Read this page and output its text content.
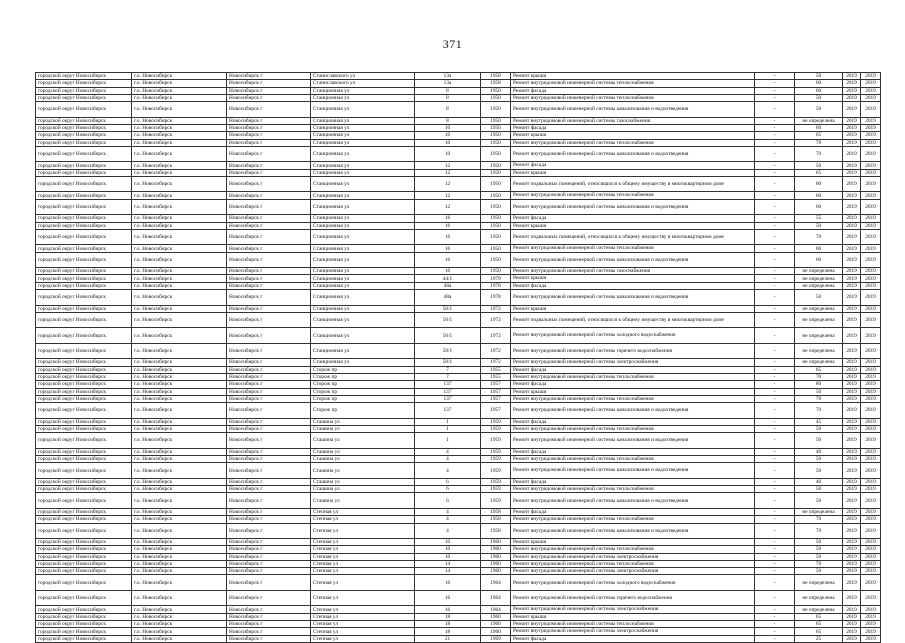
371
городской округ Новосибирск	г.о. Новосибирск	Новосибирск г	Станиславского ул	13а	1958	Ремонт крыши	-	50	2019	2019
городской округ Новосибирск	г.о. Новосибирск	Новосибирск г	Станиславского ул	13а	1958	Ремонт внутридомовой инженерной системы теплоснабжения	-	60	2019	2019
городской округ Новосибирск	г.о. Новосибирск	Новосибирск г	Станционная ул	8	1950	Ремонт фасада	-	60	2019	2019
городской округ Новосибирск	г.о. Новосибирск	Новосибирск г	Станционная ул	8	1950	Ремонт внутридомовой инженерной системы теплоснабжения	-	50	2019	2019
городской округ Новосибирск	г.о. Новосибирск	Новосибирск г	Станционная ул	8	1950	Ремонт внутридомовой инженерной системы канализования и водоотведения	-	50	2019	2019
городской округ Новосибирск	г.о. Новосибирск	Новосибирск г	Станционная ул	8	1950	Ремонт внутридомовой инженерной системы газоснабжения	-	не определена	2019	2019
городской округ Новосибирск	г.о. Новосибирск	Новосибирск г	Станционная ул	10	1950	Ремонт фасада	-	60	2019	2019
городской округ Новосибирск	г.о. Новосибирск	Новосибирск г	Станционная ул	10	1950	Ремонт крыши	-	65	2019	2019
городской округ Новосибирск	г.о. Новосибирск	Новосибирск г	Станционная ул	10	1950	Ремонт внутридомовой инженерной системы теплоснабжения	-	70	2019	2019
городской округ Новосибирск	г.о. Новосибирск	Новосибирск г	Станционная ул	10	1950	Ремонт внутридомовой инженерной системы канализования и водоотведения	-	70	2019	2019
городской округ Новосибирск	г.о. Новосибирск	Новосибирск г	Станционная ул	12	1950	Ремонт фасада	-	50	2019	2019
городской округ Новосибирск	г.о. Новосибирск	Новосибирск г	Станционная ул	12	1950	Ремонт крыши	-	65	2019	2019
городской округ Новосибирск	г.о. Новосибирск	Новосибирск г	Станционная ул	12	1950	Ремонт подвальных помещений, относящихся к общему имуществу в многоквартирном доме	-	60	2019	2019
городской округ Новосибирск	г.о. Новосибирск	Новосибирск г	Станционная ул	12	1950	Ремонт внутридомовой инженерной системы теплоснабжения	-	60	2019	2019
городской округ Новосибирск	г.о. Новосибирск	Новосибирск г	Станционная ул	12	1950	Ремонт внутридомовой инженерной системы канализования и водоотведения	-	60	2019	2019
городской округ Новосибирск	г.о. Новосибирск	Новосибирск г	Станционная ул	16	1950	Ремонт фасада	-	55	2019	2019
городской округ Новосибирск	г.о. Новосибирск	Новосибирск г	Станционная ул	16	1950	Ремонт крыши	-	50	2019	2019
городской округ Новосибирск	г.о. Новосибирск	Новосибирск г	Станционная ул	16	1950	Ремонт подвальных помещений, относящихся к общему имуществу в многоквартирном доме	-	70	2019	2019
городской округ Новосибирск	г.о. Новосибирск	Новосибирск г	Станционная ул	16	1950	Ремонт внутридомовой инженерной системы теплоснабжения	-	60	2019	2019
городской округ Новосибирск	г.о. Новосибирск	Новосибирск г	Станционная ул	16	1950	Ремонт внутридомовой инженерной системы канализования и водоотведения	-	60	2019	2019
городской округ Новосибирск	г.о. Новосибирск	Новосибирск г	Станционная ул	16	1950	Ремонт внутридомовой инженерной системы газоснабжения	-	не определена	2019	2019
городской округ Новосибирск	г.о. Новосибирск	Новосибирск г	Станционная ул	44/1	1979	Ремонт крыши	-	не определена	2019	2019
городской округ Новосибирск	г.о. Новосибирск	Новосибирск г	Станционная ул	48а	1978	Ремонт фасада	-	не определена	2019	2019
городской округ Новосибирск	г.о. Новосибирск	Новосибирск г	Станционная ул	48а	1978	Ремонт внутридомовой инженерной системы канализования и водоотведения	-	50	2019	2019
городской округ Новосибирск	г.о. Новосибирск	Новосибирск г	Станционная ул	50/1	1972	Ремонт крыши	-	не определена	2019	2019
городской округ Новосибирск	г.о. Новосибирск	Новосибирск г	Станционная ул	50/1	1972	Ремонт подвальных помещений, относящихся к общему имуществу в многоквартирном доме	-	не определена	2019	2019
городской округ Новосибирск	г.о. Новосибирск	Новосибирск г	Станционная ул	50/1	1972	Ремонт внутридомовой инженерной системы холодного водоснабжения	-	не определена	2019	2019
городской округ Новосибирск	г.о. Новосибирск	Новосибирск г	Станционная ул	50/1	1972	Ремонт внутридомовой инженерной системы горячего водоснабжения	-	не определена	2019	2019
городской округ Новосибирск	г.о. Новосибирск	Новосибирск г	Станционная ул	50/1	1972	Ремонт внутридомовой инженерной системы электроснабжения	-	не определена	2019	2019
городской округ Новосибирск	г.о. Новосибирск	Новосибирск г	Сторож пр	7	1955	Ремонт фасада	-	65	2019	2019
городской округ Новосибирск	г.о. Новосибирск	Новосибирск г	Сторож пр	7	1955	Ремонт внутридомовой инженерной системы теплоснабжения	-	70	2019	2019
городской округ Новосибирск	г.о. Новосибирск	Новосибирск г	Сторож пр	137	1957	Ремонт фасада	-	80	2019	2019
городской округ Новосибирск	г.о. Новосибирск	Новосибирск г	Сторож пр	137	1957	Ремонт крыши	-	50	2019	2019
городской округ Новосибирск	г.о. Новосибирск	Новосибирск г	Сторож пр	137	1957	Ремонт внутридомовой инженерной системы теплоснабжения	-	70	2019	2019
городской округ Новосибирск	г.о. Новосибирск	Новосибирск г	Сторож пр	137	1957	Ремонт внутридомовой инженерной системы канализования и водоотведения	-	70	2019	2019
городской округ Новосибирск	г.о. Новосибирск	Новосибирск г	Сташина ул	1	1959	Ремонт фасада	-	45	2019	2019
городской округ Новосибирск	г.о. Новосибирск	Новосибирск г	Сташина ул	1	1959	Ремонт внутридомовой инженерной системы теплоснабжения	-	50	2019	2019
городской округ Новосибирск	г.о. Новосибирск	Новосибирск г	Сташина ул	1	1959	Ремонт внутридомовой инженерной системы канализования и водоотведения	-	50	2019	2019
городской округ Новосибирск	г.о. Новосибирск	Новосибирск г	Сташина ул	4	1959	Ремонт фасада	-	40	2019	2019
городской округ Новосибирск	г.о. Новосибирск	Новосибирск г	Сташина ул	4	1959	Ремонт внутридомовой инженерной системы теплоснабжения	-	50	2019	2019
городской округ Новосибирск	г.о. Новосибирск	Новосибирск г	Сташина ул	4	1959	Ремонт внутридомовой инженерной системы канализования и водоотведения	-	50	2019	2019
городской округ Новосибирск	г.о. Новосибирск	Новосибирск г	Сташина ул	6	1959	Ремонт фасада	-	40	2019	2019
городской округ Новосибирск	г.о. Новосибирск	Новосибирск г	Сташина ул	6	1959	Ремонт внутридомовой инженерной системы теплоснабжения	-	50	2019	2019
городской округ Новосибирск	г.о. Новосибирск	Новосибирск г	Сташина ул	6	1959	Ремонт внутридомовой инженерной системы канализования и водоотведения	-	50	2019	2019
городской округ Новосибирск	г.о. Новосибирск	Новосибирск г	Степная ул	4	1958	Ремонт фасада	-	не определена	2019	2019
городской округ Новосибирск	г.о. Новосибирск	Новосибирск г	Степная ул	4	1958	Ремонт внутридомовой инженерной системы теплоснабжения	-	70	2019	2019
городской округ Новосибирск	г.о. Новосибирск	Новосибирск г	Степная ул	4	1958	Ремонт внутридомовой инженерной системы канализования и водоотведения	-	70	2019	2019
городской округ Новосибирск	г.о. Новосибирск	Новосибирск г	Степная ул	10	1960	Ремонт крыши	-	50	2019	2019
городской округ Новосибирск	г.о. Новосибирск	Новосибирск г	Степная ул	10	1960	Ремонт внутридомовой инженерной системы теплоснабжения	-	50	2019	2019
городской округ Новосибирск	г.о. Новосибирск	Новосибирск г	Степная ул	10	1960	Ремонт внутридомовой инженерной системы электроснабжения	-	50	2019	2019
городской округ Новосибирск	г.о. Новосибирск	Новосибирск г	Степная ул	14	1960	Ремонт внутридомовой инженерной системы теплоснабжения	-	70	2019	2019
городской округ Новосибирск	г.о. Новосибирск	Новосибирск г	Степная ул	14	1960	Ремонт внутридомовой инженерной системы электроснабжения	-	50	2019	2019
городской округ Новосибирск	г.о. Новосибирск	Новосибирск г	Степная ул	16	1964	Ремонт внутридомовой инженерной системы холодного водоснабжения	-	не определена	2019	2019
городской округ Новосибирск	г.о. Новосибирск	Новосибирск г	Степная ул	16	1964	Ремонт внутридомовой инженерной системы горячего водоснабжения	-	не определена	2019	2019
городской округ Новосибирск	г.о. Новосибирск	Новосибирск г	Степная ул	16	1964	Ремонт внутридомовой инженерной системы электроснабжения	-	не определена	2019	2019
городской округ Новосибирск	г.о. Новосибирск	Новосибирск г	Степная ул	18	1960	Ремонт крыши	-	65	2019	2019
городской округ Новосибирск	г.о. Новосибирск	Новосибирск г	Степная ул	18	1960	Ремонт внутридомовой инженерной системы теплоснабжения	-	65	2019	2019
городской округ Новосибирск	г.о. Новосибирск	Новосибирск г	Степная ул	18	1960	Ремонт внутридомовой инженерной системы электроснабжения	-	65	2019	2019
городской округ Новосибирск	г.о. Новосибирск	Новосибирск г	Степная ул	21	1969	Ремонт фасада	-	25	2019	2019
